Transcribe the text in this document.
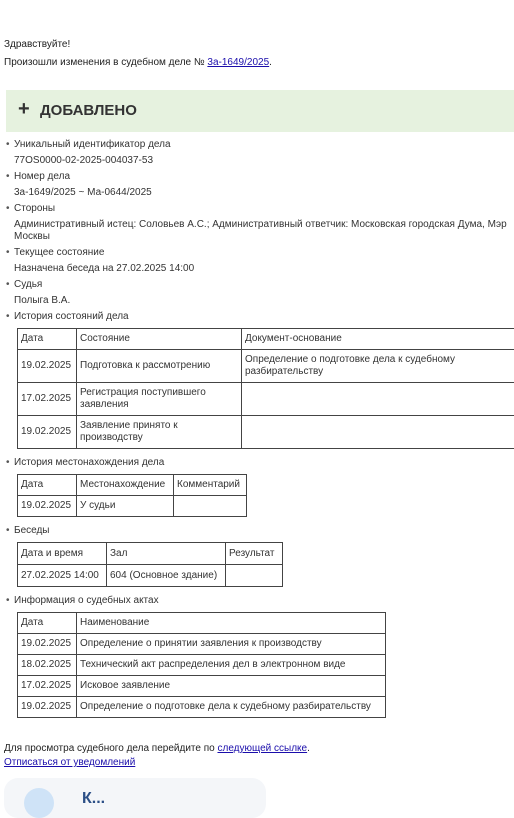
Здравствуйте!
Произошли изменения в судебном деле № 3а-1649/2025.
+ ДОБАВЛЕНО
• Уникальный идентификатор дела
77OS0000-02-2025-004037-53
• Номер дела
3а-1649/2025 ~ Ма-0644/2025
• Стороны
Административный истец: Соловьев А.С.; Административный ответчик: Московская городская Дума, Мэр Москвы
• Текущее состояние
Назначена беседа на 27.02.2025 14:00
• Судья
Полыга В.А.
• История состояний дела
Дата	Состояние	Документ-основание
19.02.2025	Подготовка к рассмотрению	Определение о подготовке дела к судебному разбирательству
17.02.2025	Регистрация поступившего заявления	
19.02.2025	Заявление принято к производству	
• История местонахождения дела
Дата	Местонахождение	Комментарий
19.02.2025	У судьи	
• Беседы
Дата и время	Зал	Результат
27.02.2025 14:00	604 (Основное здание)	
• Информация о судебных актах
Дата	Наименование
19.02.2025	Определение о принятии заявления к производству
18.02.2025	Технический акт распределения дел в электронном виде
17.02.2025	Исковое заявление
19.02.2025	Определение о подготовке дела к судебному разбирательству
Для просмотра судебного дела перейдите по следующей ссылке.
Отписаться от уведомлений
К...
